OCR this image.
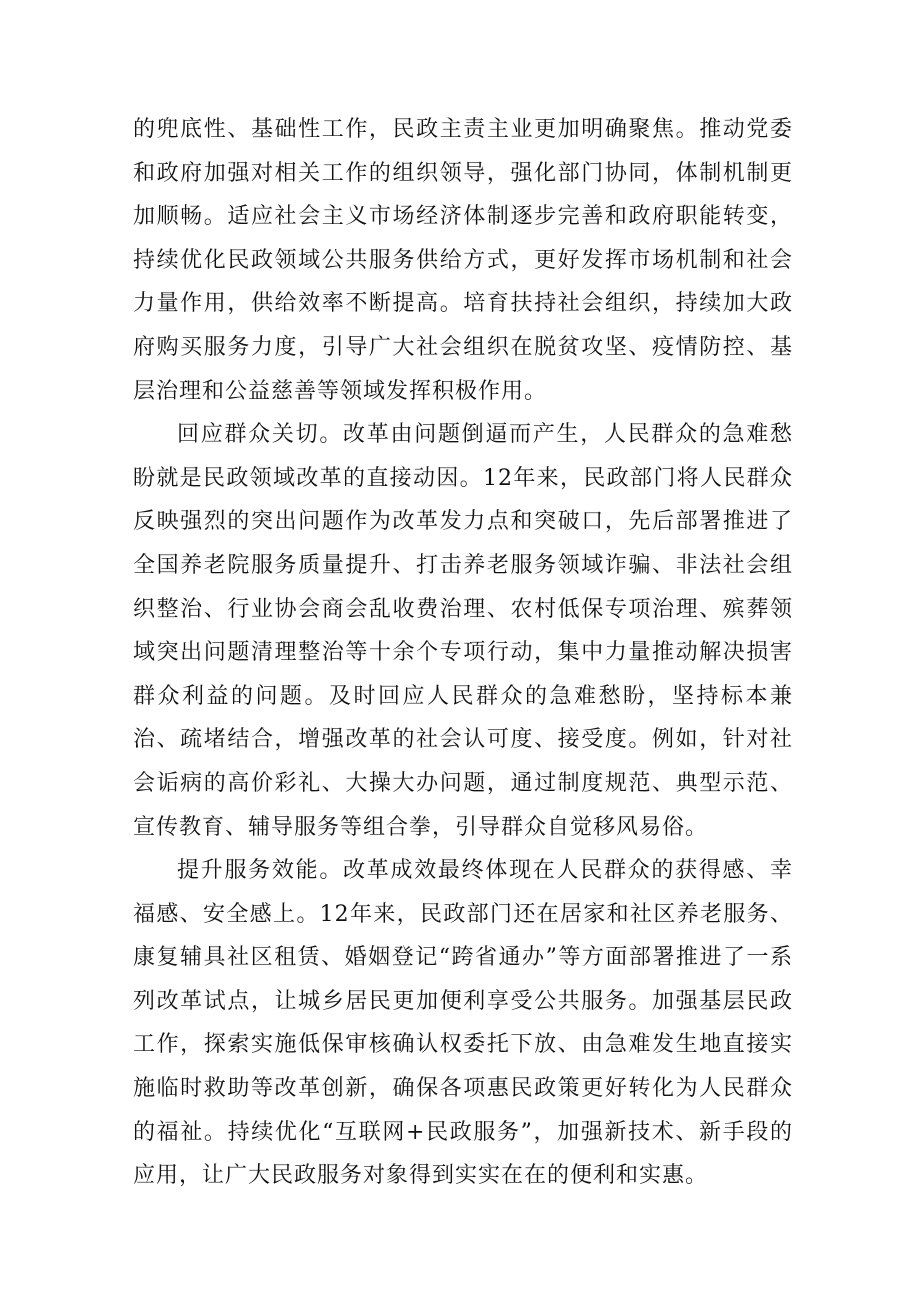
的兜底性、基础性工作，民政主责主业更加明确聚焦。推动党委和政府加强对相关工作的组织领导，强化部门协同，体制机制更加顺畅。适应社会主义市场经济体制逐步完善和政府职能转变，持续优化民政领域公共服务供给方式，更好发挥市场机制和社会力量作用，供给效率不断提高。培育扶持社会组织，持续加大政府购买服务力度，引导广大社会组织在脱贫攻坚、疫情防控、基层治理和公益慈善等领域发挥积极作用。

回应群众关切。改革由问题倒逼而产生，人民群众的急难愁盼就是民政领域改革的直接动因。12年来，民政部门将人民群众反映强烈的突出问题作为改革发力点和突破口，先后部署推进了全国养老院服务质量提升、打击养老服务领域诈骗、非法社会组织整治、行业协会商会乱收费治理、农村低保专项治理、殡葬领域突出问题清理整治等十余个专项行动，集中力量推动解决损害群众利益的问题。及时回应人民群众的急难愁盼，坚持标本兼治、疏堵结合，增强改革的社会认可度、接受度。例如，针对社会诟病的高价彩礼、大操大办问题，通过制度规范、典型示范、宣传教育、辅导服务等组合拳，引导群众自觉移风易俗。

提升服务效能。改革成效最终体现在人民群众的获得感、幸福感、安全感上。12年来，民政部门还在居家和社区养老服务、康复辅具社区租赁、婚姻登记“跨省通办”等方面部署推进了一系列改革试点，让城乡居民更加便利享受公共服务。加强基层民政工作，探索实施低保审核确认权委托下放、由急难发生地直接实施临时救助等改革创新，确保各项惠民政策更好转化为人民群众的福祉。持续优化“互联网+民政服务”，加强新技术、新手段的应用，让广大民政服务对象得到实实在在的便利和实惠。
